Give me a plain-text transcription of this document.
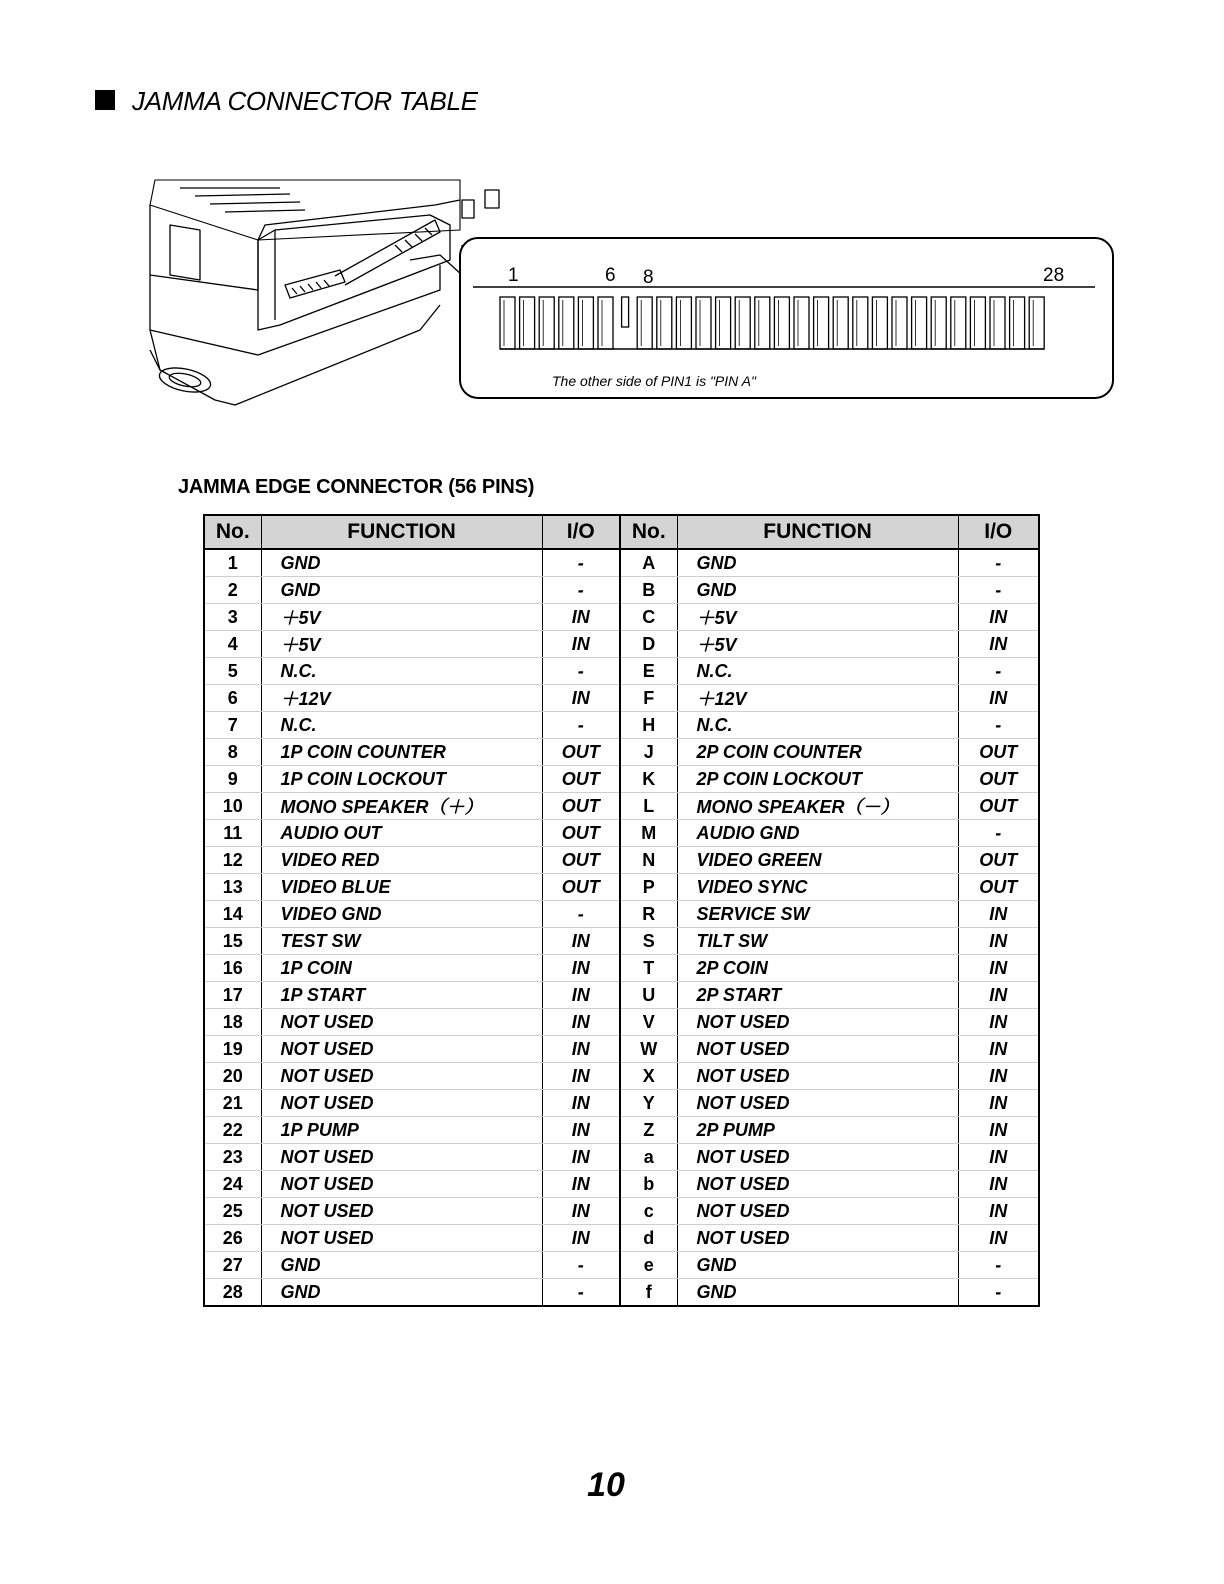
JAMMA CONNECTOR TABLE
1	6 8	28
The other side of PIN1 is "PIN A"
JAMMA EDGE CONNECTOR (56 PINS)
No.	FUNCTION	I/O	No.	FUNCTION	I/O
1	GND	-	A	GND	-
2	GND	-	B	GND	-
3	＋5V	IN	C	＋5V	IN
4	＋5V	IN	D	＋5V	IN
5	N.C.	-	E	N.C.	-
6	＋12V	IN	F	＋12V	IN
7	N.C.	-	H	N.C.	-
8	1P COIN COUNTER	OUT	J	2P COIN COUNTER	OUT
9	1P COIN LOCKOUT	OUT	K	2P COIN LOCKOUT	OUT
10	MONO SPEAKER（＋）	OUT	L	MONO SPEAKER（－）	OUT
11	AUDIO OUT	OUT	M	AUDIO GND	-
12	VIDEO RED	OUT	N	VIDEO GREEN	OUT
13	VIDEO BLUE	OUT	P	VIDEO SYNC	OUT
14	VIDEO GND	-	R	SERVICE SW	IN
15	TEST SW	IN	S	TILT SW	IN
16	1P COIN	IN	T	2P COIN	IN
17	1P START	IN	U	2P START	IN
18	NOT USED	IN	V	NOT USED	IN
19	NOT USED	IN	W	NOT USED	IN
20	NOT USED	IN	X	NOT USED	IN
21	NOT USED	IN	Y	NOT USED	IN
22	1P PUMP	IN	Z	2P PUMP	IN
23	NOT USED	IN	a	NOT USED	IN
24	NOT USED	IN	b	NOT USED	IN
25	NOT USED	IN	c	NOT USED	IN
26	NOT USED	IN	d	NOT USED	IN
27	GND	-	e	GND	-
28	GND	-	f	GND	-
10
